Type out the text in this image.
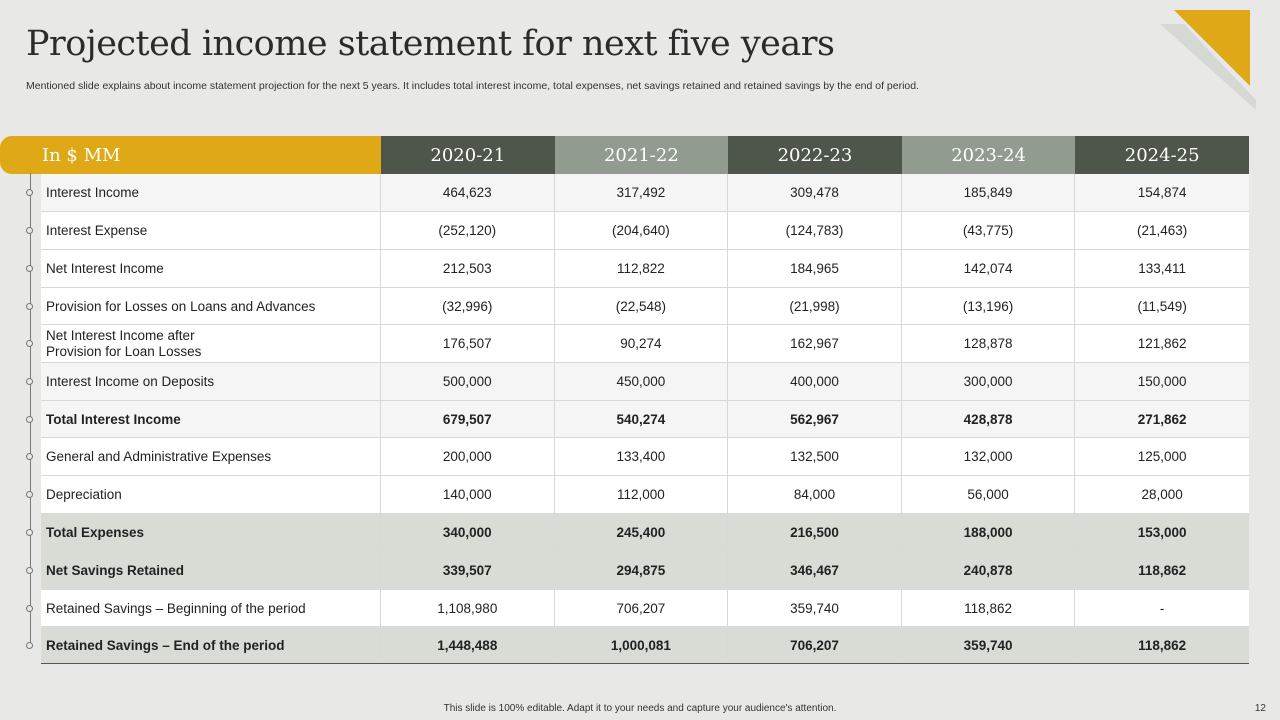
Projected income statement for next five years
Mentioned slide explains about income statement projection for the next 5 years. It includes total interest income, total expenses, net savings retained and retained savings by the end of period.
In $ MM	2020-21	2021-22	2022-23	2023-24	2024-25
Interest Income	464,623	317,492	309,478	185,849	154,874
Interest Expense	(252,120)	(204,640)	(124,783)	(43,775)	(21,463)
Net Interest Income	212,503	112,822	184,965	142,074	133,411
Provision for Losses on Loans and Advances	(32,996)	(22,548)	(21,998)	(13,196)	(11,549)
Net Interest Income after Provision for Loan Losses	176,507	90,274	162,967	128,878	121,862
Interest Income on Deposits	500,000	450,000	400,000	300,000	150,000
Total Interest Income	679,507	540,274	562,967	428,878	271,862
General and Administrative Expenses	200,000	133,400	132,500	132,000	125,000
Depreciation	140,000	112,000	84,000	56,000	28,000
Total Expenses	340,000	245,400	216,500	188,000	153,000
Net Savings Retained	339,507	294,875	346,467	240,878	118,862
Retained Savings – Beginning of the period	1,108,980	706,207	359,740	118,862	-
Retained Savings – End of the period	1,448,488	1,000,081	706,207	359,740	118,862
This slide is 100% editable. Adapt it to your needs and capture your audience's attention.	12
